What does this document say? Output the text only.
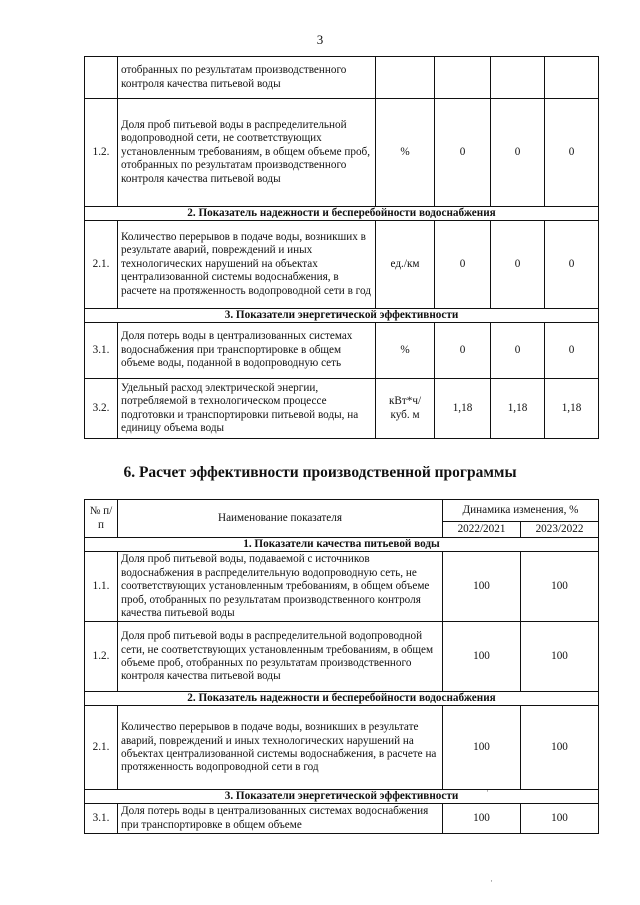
3
	отобранных по результатам производственного контроля качества питьевой воды				
1.2.	Доля проб питьевой воды в распределительной водопроводной сети, не соответствующих установленным требованиям, в общем объеме проб, отобранных по результатам производственного контроля качества питьевой воды	%	0	0	0
2. Показатель надежности и бесперебойности водоснабжения					
2.1.	Количество перерывов в подаче воды, возникших в результате аварий, повреждений и иных технологических нарушений на объектах централизованной системы водоснабжения, в расчете на протяженность водопроводной сети в год	ед./км	0	0	0
3. Показатели энергетической эффективности					
3.1.	Доля потерь воды в централизованных системах водоснабжения при транспортировке в общем объеме воды, поданной в водопроводную сеть	%	0	0	0
3.2.	Удельный расход электрической энергии, потребляемой в технологическом процессе подготовки и транспортировки питьевой воды, на единицу объема воды	кВт*ч/ куб. м	1,18	1,18	1,18
6. Расчет эффективности производственной программы
№ п/п	Наименование показателя	Динамика изменения, %	
		2022/2021	2023/2022
1. Показатели качества питьевой воды			
1.1.	Доля проб питьевой воды, подаваемой с источников водоснабжения в распределительную водопроводную сеть, не соответствующих установленным требованиям, в общем объеме проб, отобранных по результатам производственного контроля качества питьевой воды	100	100
1.2.	Доля проб питьевой воды в распределительной водопроводной сети, не соответствующих установленным требованиям, в общем объеме проб, отобранных по результатам производственного контроля качества питьевой воды	100	100
2. Показатель надежности и бесперебойности водоснабжения			
2.1.	Количество перерывов в подаче воды, возникших в результате аварий, повреждений и иных технологических нарушений на объектах централизованной системы водоснабжения, в расчете на протяженность водопроводной сети в год	100	100
3. Показатели энергетической эффективности			
3.1.	Доля потерь воды в централизованных системах водоснабжения при транспортировке в общем объеме	100	100
·
·
